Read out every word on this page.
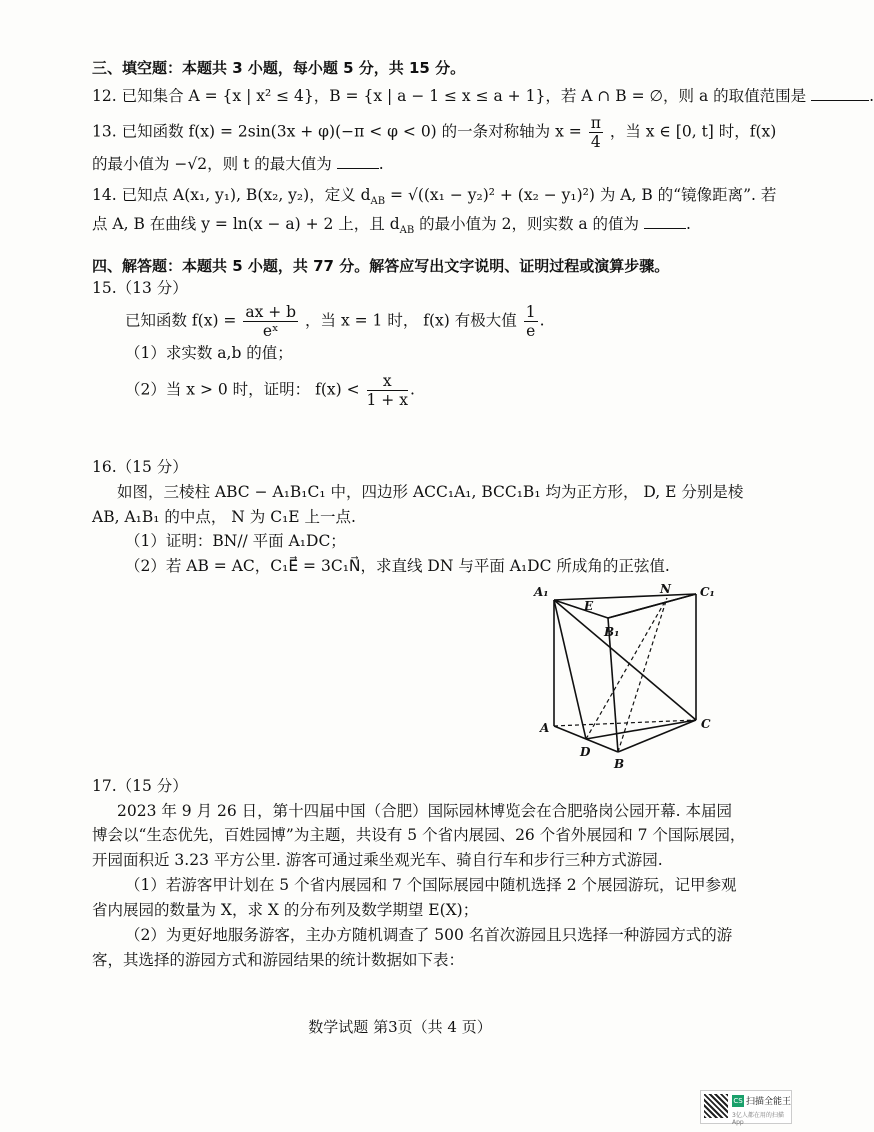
三、填空题：本题共 3 小题，每小题 5 分，共 15 分。
12. 已知集合 A = {x | x² ≤ 4}，B = {x | a − 1 ≤ x ≤ a + 1}，若 A ∩ B = ∅，则 a 的取值范围是	.
13. 已知函数 f(x) = 2sin(3x + φ)(−π < φ < 0) 的一条对称轴为 $x = \frac{\pi}{4}$ ，当 x ∈ [0, t] 时，f(x)
的最小值为 −√2，则 t 的最大值为	.
14. 已知点 A(x₁, y₁), B(x₂, y₂)，定义 $d_{AB} = √((x_1 - y_2)^2 + (x_2 - y_1)^2)$ 为 A, B 的“镜像距离”. 若
点 A, B 在曲线 y = ln(x − a) + 2 上，且 $d_{AB}$ 的最小值为 2，则实数 a 的值为	.
四、解答题：本题共 5 小题，共 77 分。解答应写出文字说明、证明过程或演算步骤。
15.（13 分）
已知函数 $f(x) = \frac{ax + b}{\text{eˣ}}$ ，当 x = 1 时， f(x) 有极大值 $\frac{1}{e}$ .
（1）求实数 a,b 的值；
（2）当 x > 0 时，证明： $f(x) < \frac{x}{1 + x}$ .
16.（15 分）
如图，三棱柱 ABC − A₁B₁C₁ 中，四边形 ACC₁A₁, BCC₁B₁ 均为正方形， D, E 分别是棱
AB, A₁B₁ 的中点， N 为 C₁E 上一点.
（1）证明：BN// 平面 A₁DC；
（2）若 AB = AC，C₁E⃗ = 3C₁N⃗，求直线 DN 与平面 A₁DC 所成角的正弦值.
A₁
E
N C₁
B₁
A
D
C
B
17.（15 分）
2023 年 9 月 26 日，第十四届中国（合肥）国际园林博览会在合肥骆岗公园开幕. 本届园
博会以“生态优先，百姓园博”为主题，共设有 5 个省内展园、26 个省外展园和 7 个国际展园，
开园面积近 3.23 平方公里. 游客可通过乘坐观光车、骑自行车和步行三种方式游园.
（1）若游客甲计划在 5 个省内展园和 7 个国际展园中随机选择 2 个展园游玩，记甲参观
省内展园的数量为 X，求 X 的分布列及数学期望 E(X)；
（2）为更好地服务游客，主办方随机调查了 500 名首次游园且只选择一种游园方式的游
客，其选择的游园方式和游园结果的统计数据如下表：
数学试题 第3页（共 4 页）
CS 扫描全能王
3亿人都在用的扫描App
